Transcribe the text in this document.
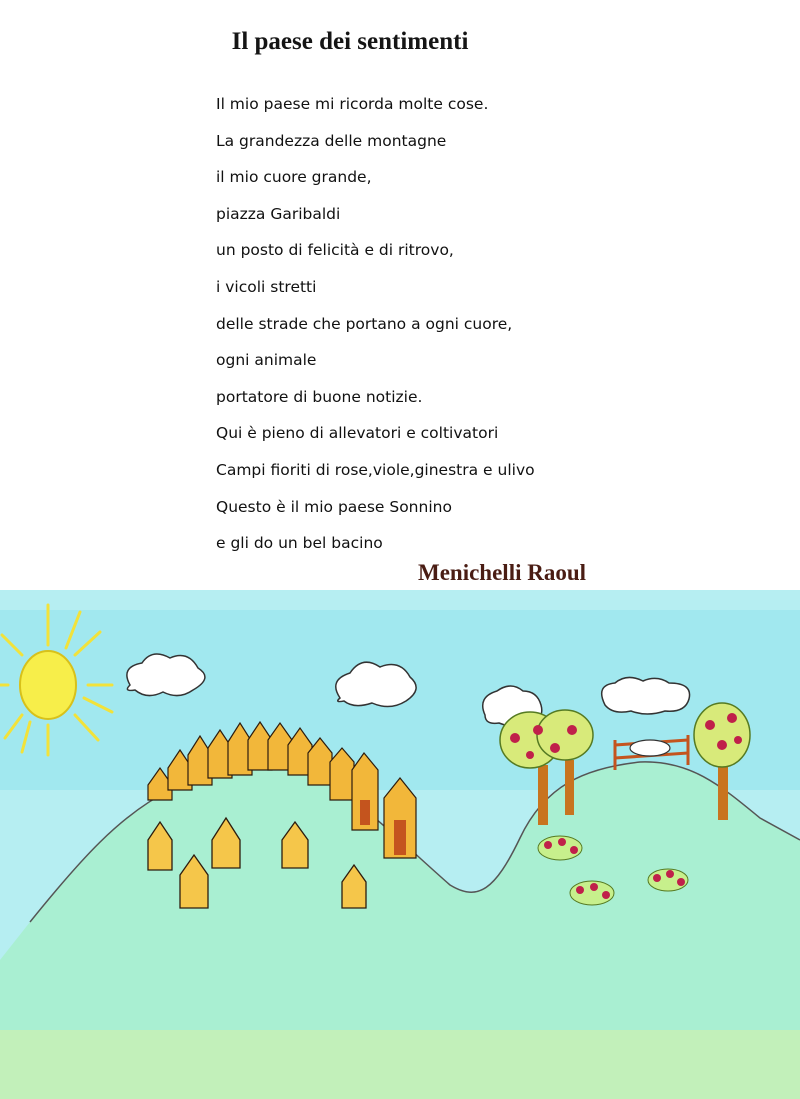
Il paese dei sentimenti
Il mio paese mi ricorda molte cose.
La grandezza delle montagne
il mio cuore grande,
piazza Garibaldi
un posto di felicità e di ritrovo,
i vicoli stretti
delle strade che portano a ogni cuore,
ogni animale
portatore di buone notizie.
Qui è pieno di allevatori e coltivatori
Campi fioriti di rose,viole,ginestra e ulivo
Questo è il mio paese Sonnino
e gli do un bel bacino

Menichelli Raoul
